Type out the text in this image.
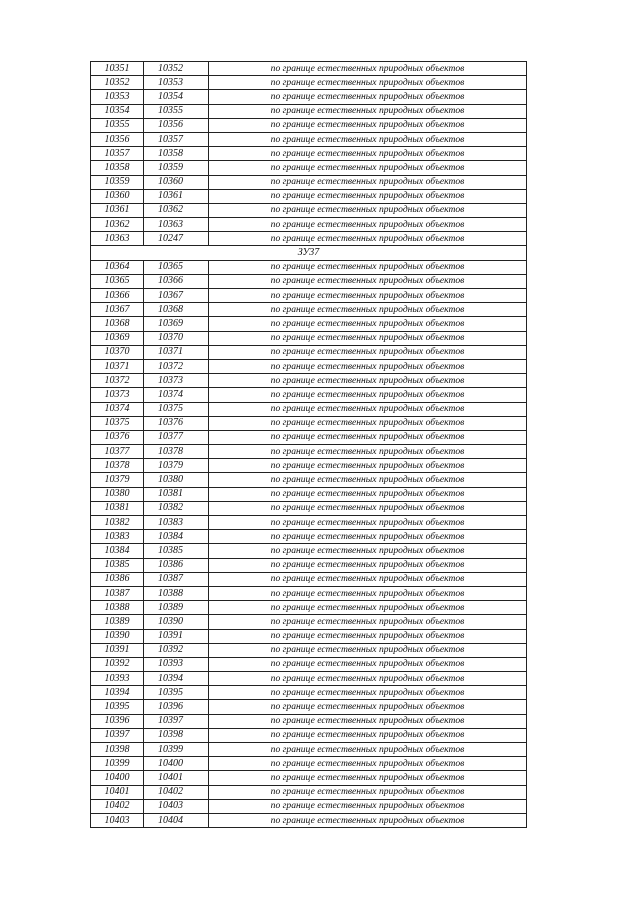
10351	10352	по границе естественных природных объектов
10352	10353	по границе естественных природных объектов
10353	10354	по границе естественных природных объектов
10354	10355	по границе естественных природных объектов
10355	10356	по границе естественных природных объектов
10356	10357	по границе естественных природных объектов
10357	10358	по границе естественных природных объектов
10358	10359	по границе естественных природных объектов
10359	10360	по границе естественных природных объектов
10360	10361	по границе естественных природных объектов
10361	10362	по границе естественных природных объектов
10362	10363	по границе естественных природных объектов
10363	10247	по границе естественных природных объектов
ЗУ37		
10364	10365	по границе естественных природных объектов
10365	10366	по границе естественных природных объектов
10366	10367	по границе естественных природных объектов
10367	10368	по границе естественных природных объектов
10368	10369	по границе естественных природных объектов
10369	10370	по границе естественных природных объектов
10370	10371	по границе естественных природных объектов
10371	10372	по границе естественных природных объектов
10372	10373	по границе естественных природных объектов
10373	10374	по границе естественных природных объектов
10374	10375	по границе естественных природных объектов
10375	10376	по границе естественных природных объектов
10376	10377	по границе естественных природных объектов
10377	10378	по границе естественных природных объектов
10378	10379	по границе естественных природных объектов
10379	10380	по границе естественных природных объектов
10380	10381	по границе естественных природных объектов
10381	10382	по границе естественных природных объектов
10382	10383	по границе естественных природных объектов
10383	10384	по границе естественных природных объектов
10384	10385	по границе естественных природных объектов
10385	10386	по границе естественных природных объектов
10386	10387	по границе естественных природных объектов
10387	10388	по границе естественных природных объектов
10388	10389	по границе естественных природных объектов
10389	10390	по границе естественных природных объектов
10390	10391	по границе естественных природных объектов
10391	10392	по границе естественных природных объектов
10392	10393	по границе естественных природных объектов
10393	10394	по границе естественных природных объектов
10394	10395	по границе естественных природных объектов
10395	10396	по границе естественных природных объектов
10396	10397	по границе естественных природных объектов
10397	10398	по границе естественных природных объектов
10398	10399	по границе естественных природных объектов
10399	10400	по границе естественных природных объектов
10400	10401	по границе естественных природных объектов
10401	10402	по границе естественных природных объектов
10402	10403	по границе естественных природных объектов
10403	10404	по границе естественных природных объектов
